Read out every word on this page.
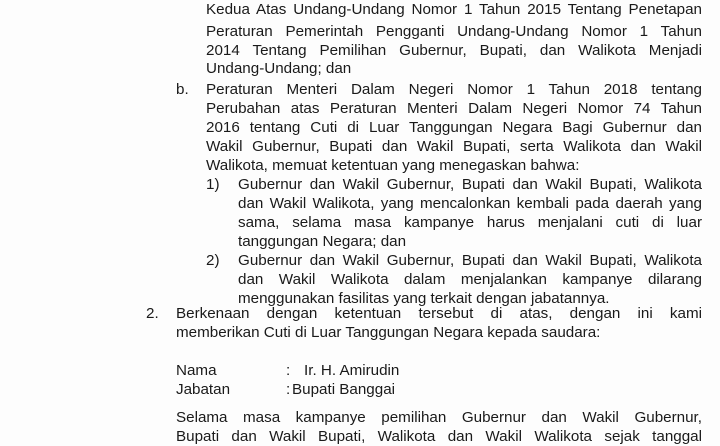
Kedua Atas Undang-Undang Nomor 1 Tahun 2015 Tentang Penetapan
Peraturan Pemerintah Pengganti Undang-Undang Nomor 1 Tahun
2014 Tentang Pemilihan Gubernur, Bupati, dan Walikota Menjadi
Undang-Undang; dan
b. Peraturan Menteri Dalam Negeri Nomor 1 Tahun 2018 tentang
Perubahan atas Peraturan Menteri Dalam Negeri Nomor 74 Tahun
2016 tentang Cuti di Luar Tanggungan Negara Bagi Gubernur dan
Wakil Gubernur, Bupati dan Wakil Bupati, serta Walikota dan Wakil
Walikota, memuat ketentuan yang menegaskan bahwa:
1) Gubernur dan Wakil Gubernur, Bupati dan Wakil Bupati, Walikota
dan Wakil Walikota, yang mencalonkan kembali pada daerah yang
sama, selama masa kampanye harus menjalani cuti di luar
tanggungan Negara; dan
2) Gubernur dan Wakil Gubernur, Bupati dan Wakil Bupati, Walikota
dan Wakil Walikota dalam menjalankan kampanye dilarang
menggunakan fasilitas yang terkait dengan jabatannya.
2. Berkenaan dengan ketentuan tersebut di atas, dengan ini kami
memberikan Cuti di Luar Tanggungan Negara kepada saudara:
Nama	: Ir. H. Amirudin
Jabatan	: Bupati Banggai
Selama masa kampanye pemilihan Gubernur dan Wakil Gubernur,
Bupati dan Wakil Bupati, Walikota dan Wakil Walikota sejak tanggal
